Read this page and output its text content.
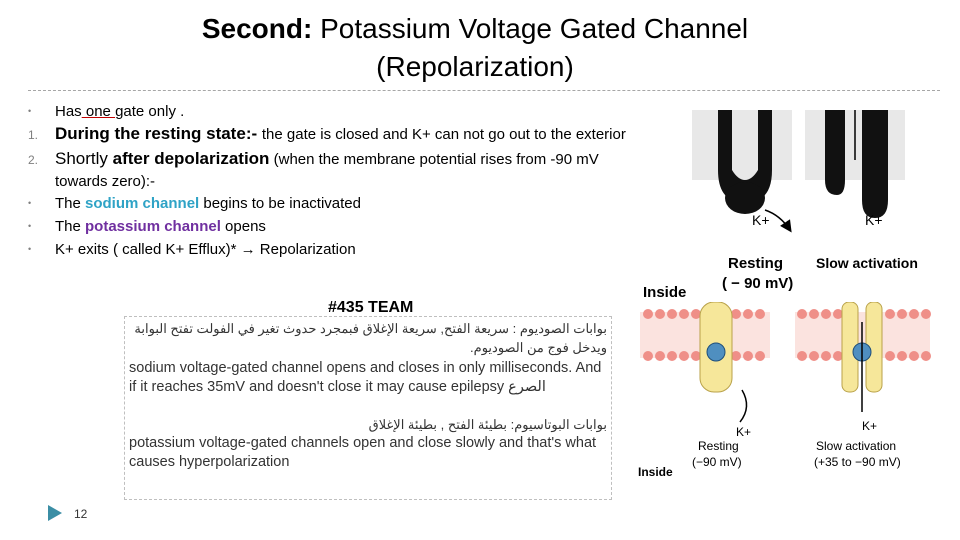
Second: Potassium Voltage Gated Channel
(Repolarization)
•	Has one gate only .
1. During the resting state:- the gate is closed and K+ can not go out to the exterior
2. Shortly after depolarization (when the membrane potential rises from -90 mV towards zero):-
•	The sodium channel begins to be inactivated
•	The potassium channel opens
•	K+ exits ( called K+ Efflux)* → Repolarization
#435 TEAM
بوابات الصوديوم : سريعة الفتح, سريعة الإغلاق فبمجرد حدوث تغير في الفولت تفتح البوابة ويدخل فوج من الصوديوم.
sodium voltage-gated channel opens and closes in only milliseconds. And if it reaches 35mV and doesn't close it may cause epilepsy الصرع
بوابات البوتاسيوم: بطيئة الفتح , بطيئة الإغلاق
potassium voltage-gated channels open and close slowly and that's what causes hyperpolarization
12
K+	K+
Inside
Resting
( − 90 mV)
Slow activation
K+	K+
Inside
Resting
(−90 mV)
Slow activation
(+35 to −90 mV)
